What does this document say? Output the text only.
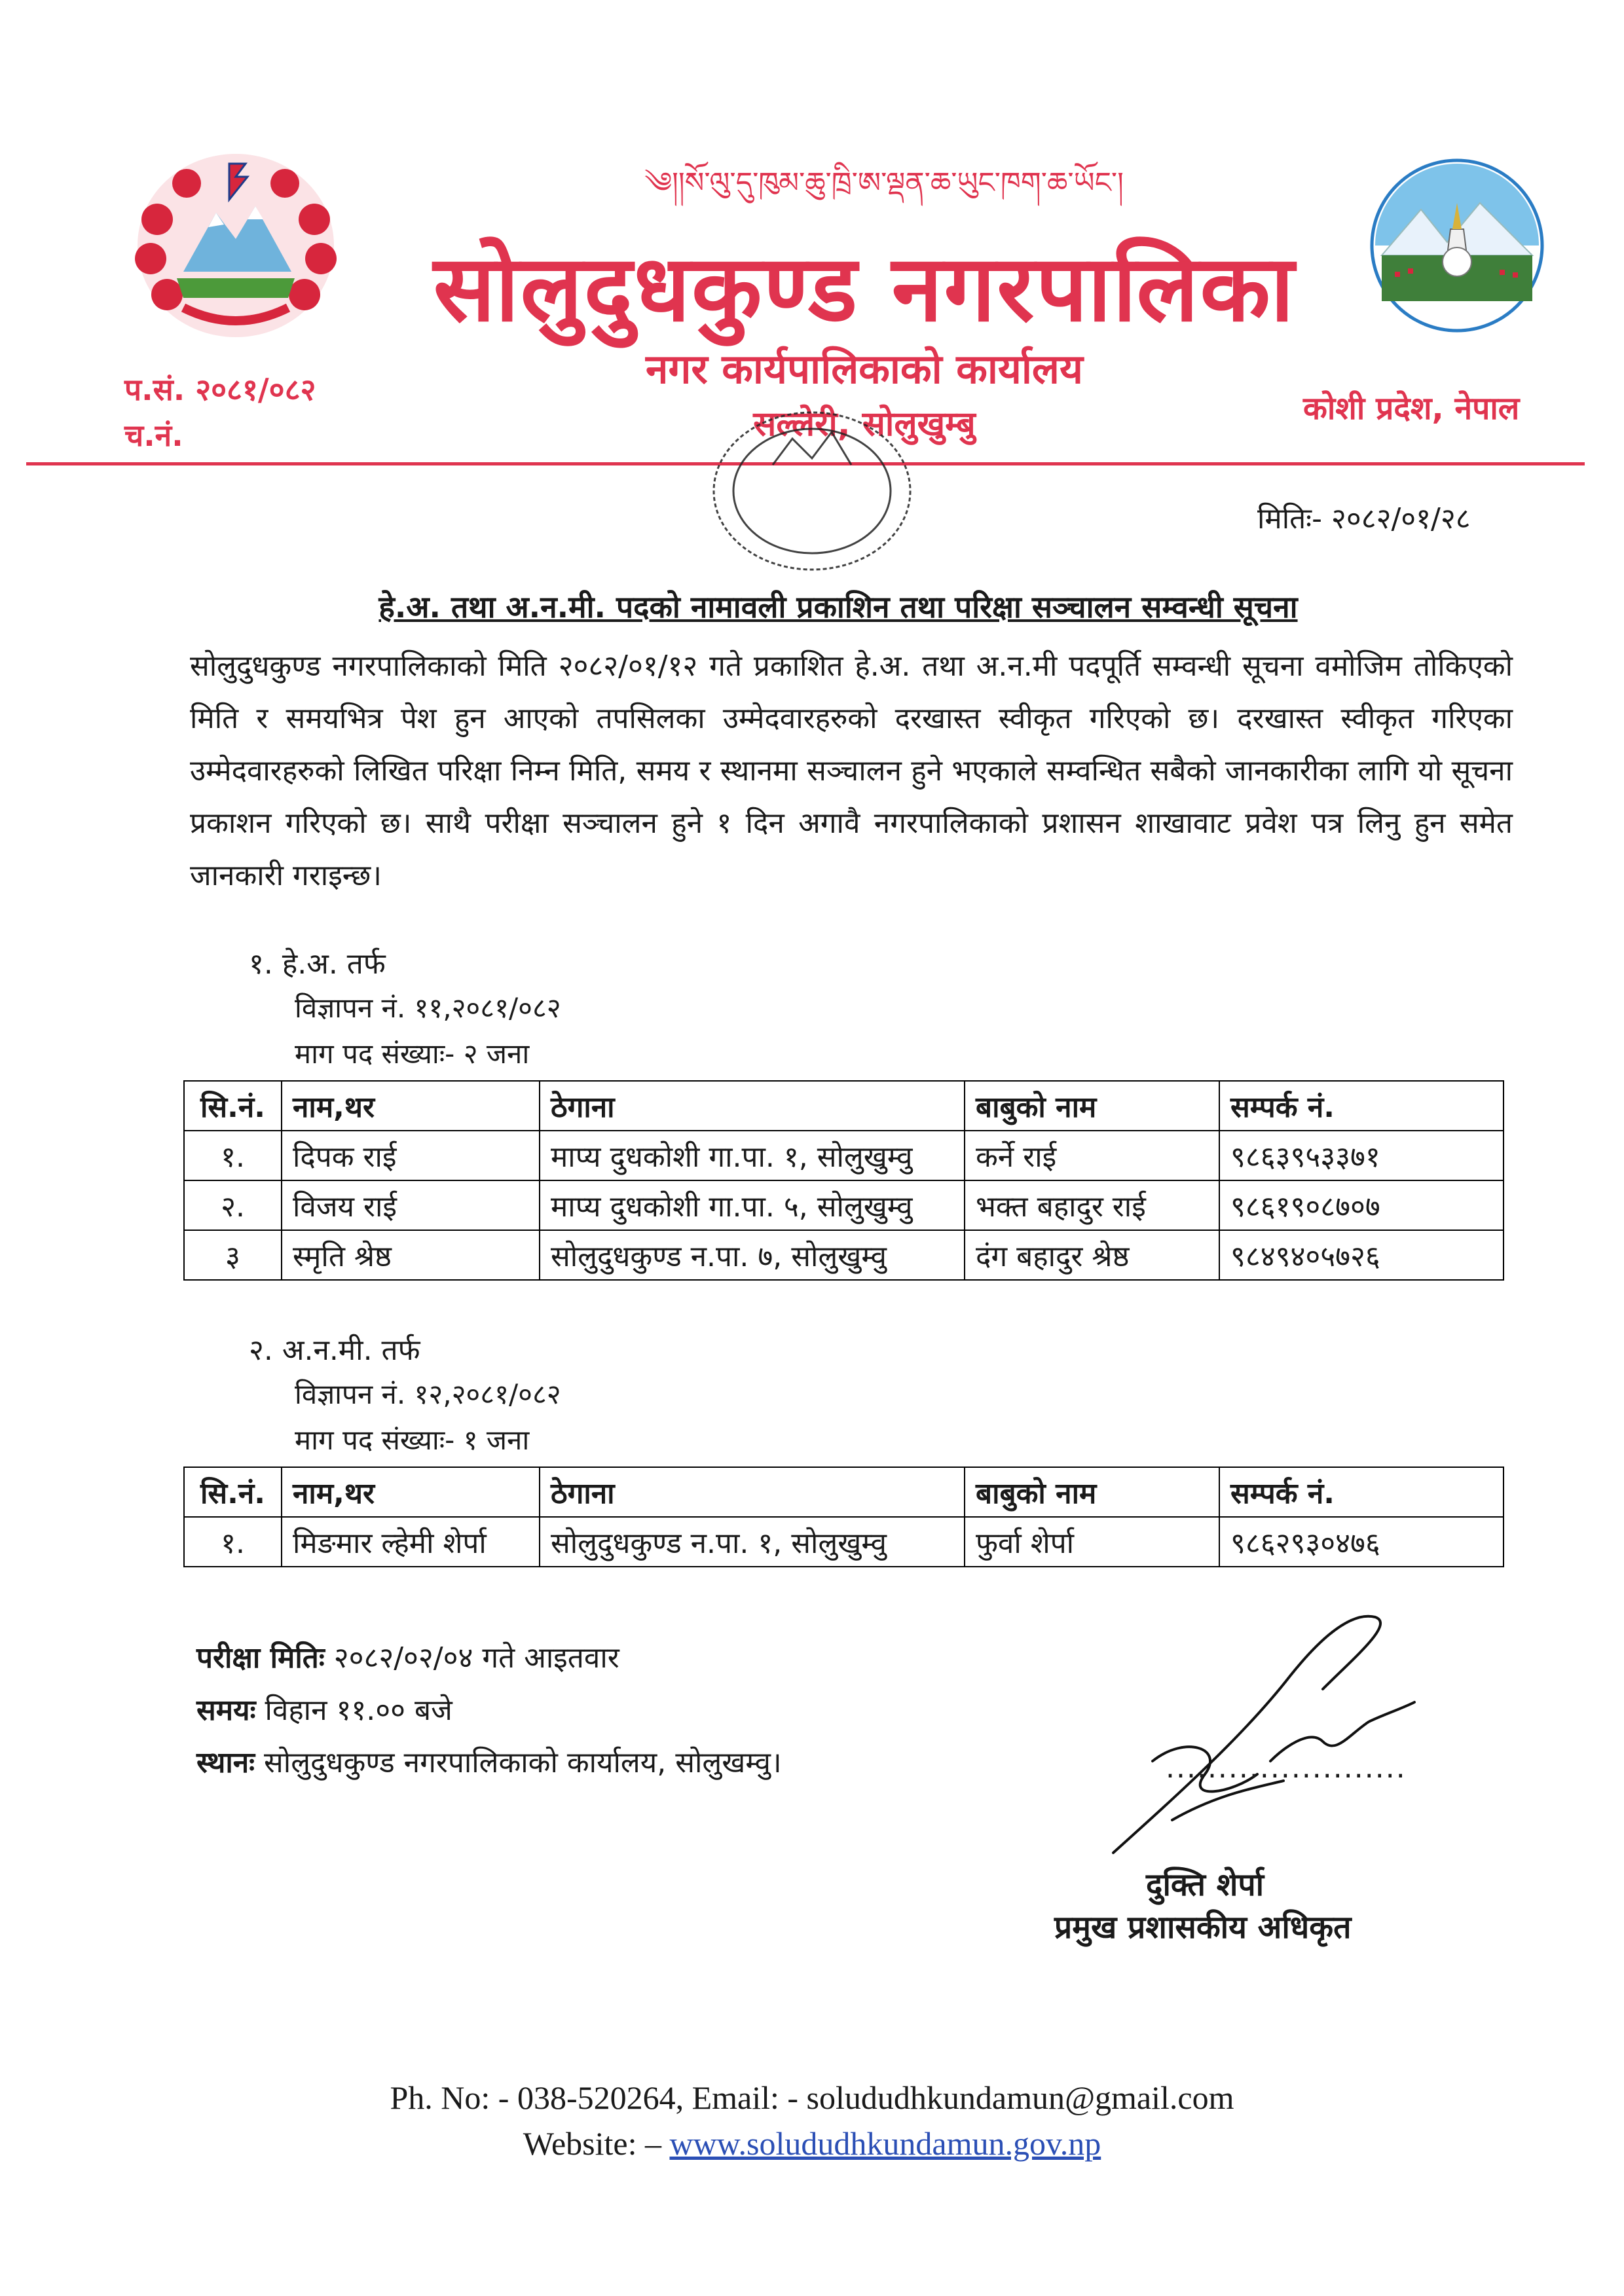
༄།།སོ་ལུ་དུ་ཁུམ་ཆུ་ཁྲི་ཨ་ལྡན་ཆ་ཡུང་ཁག་ཆ་ཡོང་།
सोलुदुधकुण्ड नगरपालिका
नगर कार्यपालिकाको कार्यालय
सल्लेरी, सोलुखुम्बु
प.सं. २०८१/०८२
च.नं.
कोशी प्रदेश, नेपाल
मितिः- २०८२/०१/२८
हे.अ. तथा अ.न.मी. पदको नामावली प्रकाशिन तथा परिक्षा सञ्चालन सम्वन्धी सूचना
सोलुदुधकुण्ड नगरपालिकाको मिति २०८२/०१/१२ गते प्रकाशित हे.अ. तथा अ.न.मी पदपूर्ति सम्वन्धी सूचना वमोजिम तोकिएको मिति र समयभित्र पेश हुन आएको तपसिलका उम्मेदवारहरुको दरखास्त स्वीकृत गरिएको छ। दरखास्त स्वीकृत गरिएका उम्मेदवारहरुको लिखित परिक्षा निम्न मिति, समय र स्थानमा सञ्चालन हुने भएकाले सम्वन्धित सबैको जानकारीका लागि यो सूचना प्रकाशन गरिएको छ। साथै परीक्षा सञ्चालन हुने १ दिन अगावै नगरपालिकाको प्रशासन शाखावाट प्रवेश पत्र लिनु हुन समेत जानकारी गराइन्छ।
१. हे.अ. तर्फ
विज्ञापन नं. ११,२०८१/०८२
माग पद संख्याः- २ जना
सि.नं.	नाम,थर	ठेगाना	बाबुको नाम	सम्पर्क नं.
१.	दिपक राई	माप्य दुधकोशी गा.पा. १, सोलुखुम्वु	कर्ने राई	९८६३९५३३७१
२.	विजय राई	माप्य दुधकोशी गा.पा. ५, सोलुखुम्वु	भक्त बहादुर राई	९८६१९०८७०७
३	स्मृति श्रेष्ठ	सोलुदुधकुण्ड न.पा. ७, सोलुखुम्वु	दंग बहादुर श्रेष्ठ	९८४९४०५७२६
२. अ.न.मी. तर्फ
विज्ञापन नं. १२,२०८१/०८२
माग पद संख्याः- १ जना
सि.नं.	नाम,थर	ठेगाना	बाबुको नाम	सम्पर्क नं.
१.	मिङमार ल्हेमी शेर्पा	सोलुदुधकुण्ड न.पा. १, सोलुखुम्वु	फुर्वा शेर्पा	९८६२९३०४७६
परीक्षा मितिः २०८२/०२/०४ गते आइतवार
समयः विहान ११.०० बजे
स्थानः सोलुदुधकुण्ड नगरपालिकाको कार्यालय, सोलुखम्वु।	.......................
दुक्ति शेर्पा
प्रमुख प्रशासकीय अधिकृत
Ph. No: - 038-520264, Email: - solududhkundamun@gmail.com
Website: – www.solududhkundamun.gov.np
